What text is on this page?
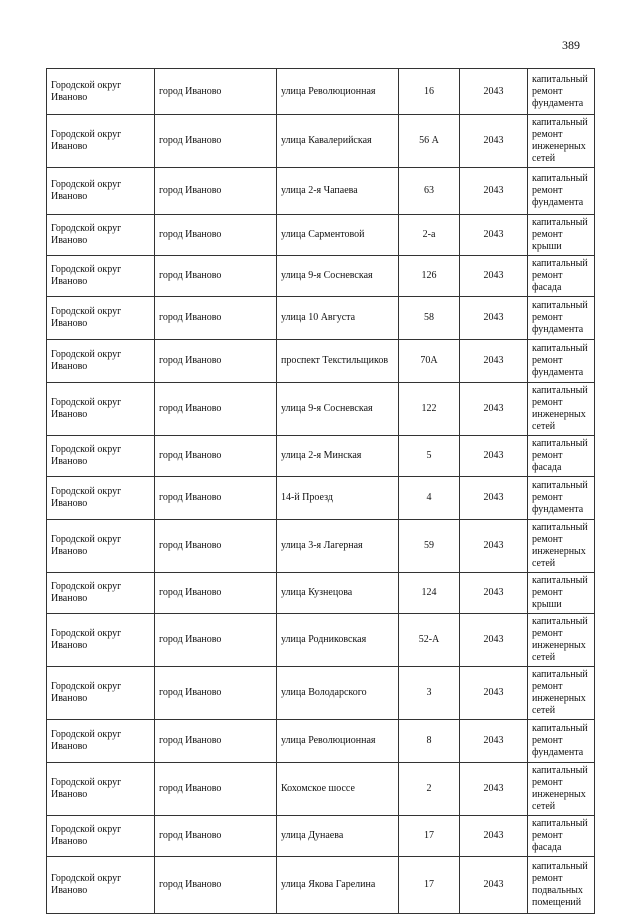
389
Городской округ Иваново	город Иваново	улица Революционная	16	2043	капитальный ремонт фундамента
Городской округ Иваново	город Иваново	улица Кавалерийская	56 А	2043	капитальный ремонт инженерных сетей
Городской округ Иваново	город Иваново	улица 2-я Чапаева	63	2043	капитальный ремонт фундамента
Городской округ Иваново	город Иваново	улица Сарментовой	2-а	2043	капитальный ремонт крыши
Городской округ Иваново	город Иваново	улица 9-я Сосневская	126	2043	капитальный ремонт фасада
Городской округ Иваново	город Иваново	улица 10 Августа	58	2043	капитальный ремонт фундамента
Городской округ Иваново	город Иваново	проспект Текстильщиков	70А	2043	капитальный ремонт фундамента
Городской округ Иваново	город Иваново	улица 9-я Сосневская	122	2043	капитальный ремонт инженерных сетей
Городской округ Иваново	город Иваново	улица 2-я Минская	5	2043	капитальный ремонт фасада
Городской округ Иваново	город Иваново	14-й Проезд	4	2043	капитальный ремонт фундамента
Городской округ Иваново	город Иваново	улица 3-я Лагерная	59	2043	капитальный ремонт инженерных сетей
Городской округ Иваново	город Иваново	улица Кузнецова	124	2043	капитальный ремонт крыши
Городской округ Иваново	город Иваново	улица Родниковская	52-А	2043	капитальный ремонт инженерных сетей
Городской округ Иваново	город Иваново	улица Володарского	3	2043	капитальный ремонт инженерных сетей
Городской округ Иваново	город Иваново	улица Революционная	8	2043	капитальный ремонт фундамента
Городской округ Иваново	город Иваново	Кохомское шоссе	2	2043	капитальный ремонт инженерных сетей
Городской округ Иваново	город Иваново	улица Дунаева	17	2043	капитальный ремонт фасада
Городской округ Иваново	город Иваново	улица Якова Гарелина	17	2043	капитальный ремонт подвальных помещений
